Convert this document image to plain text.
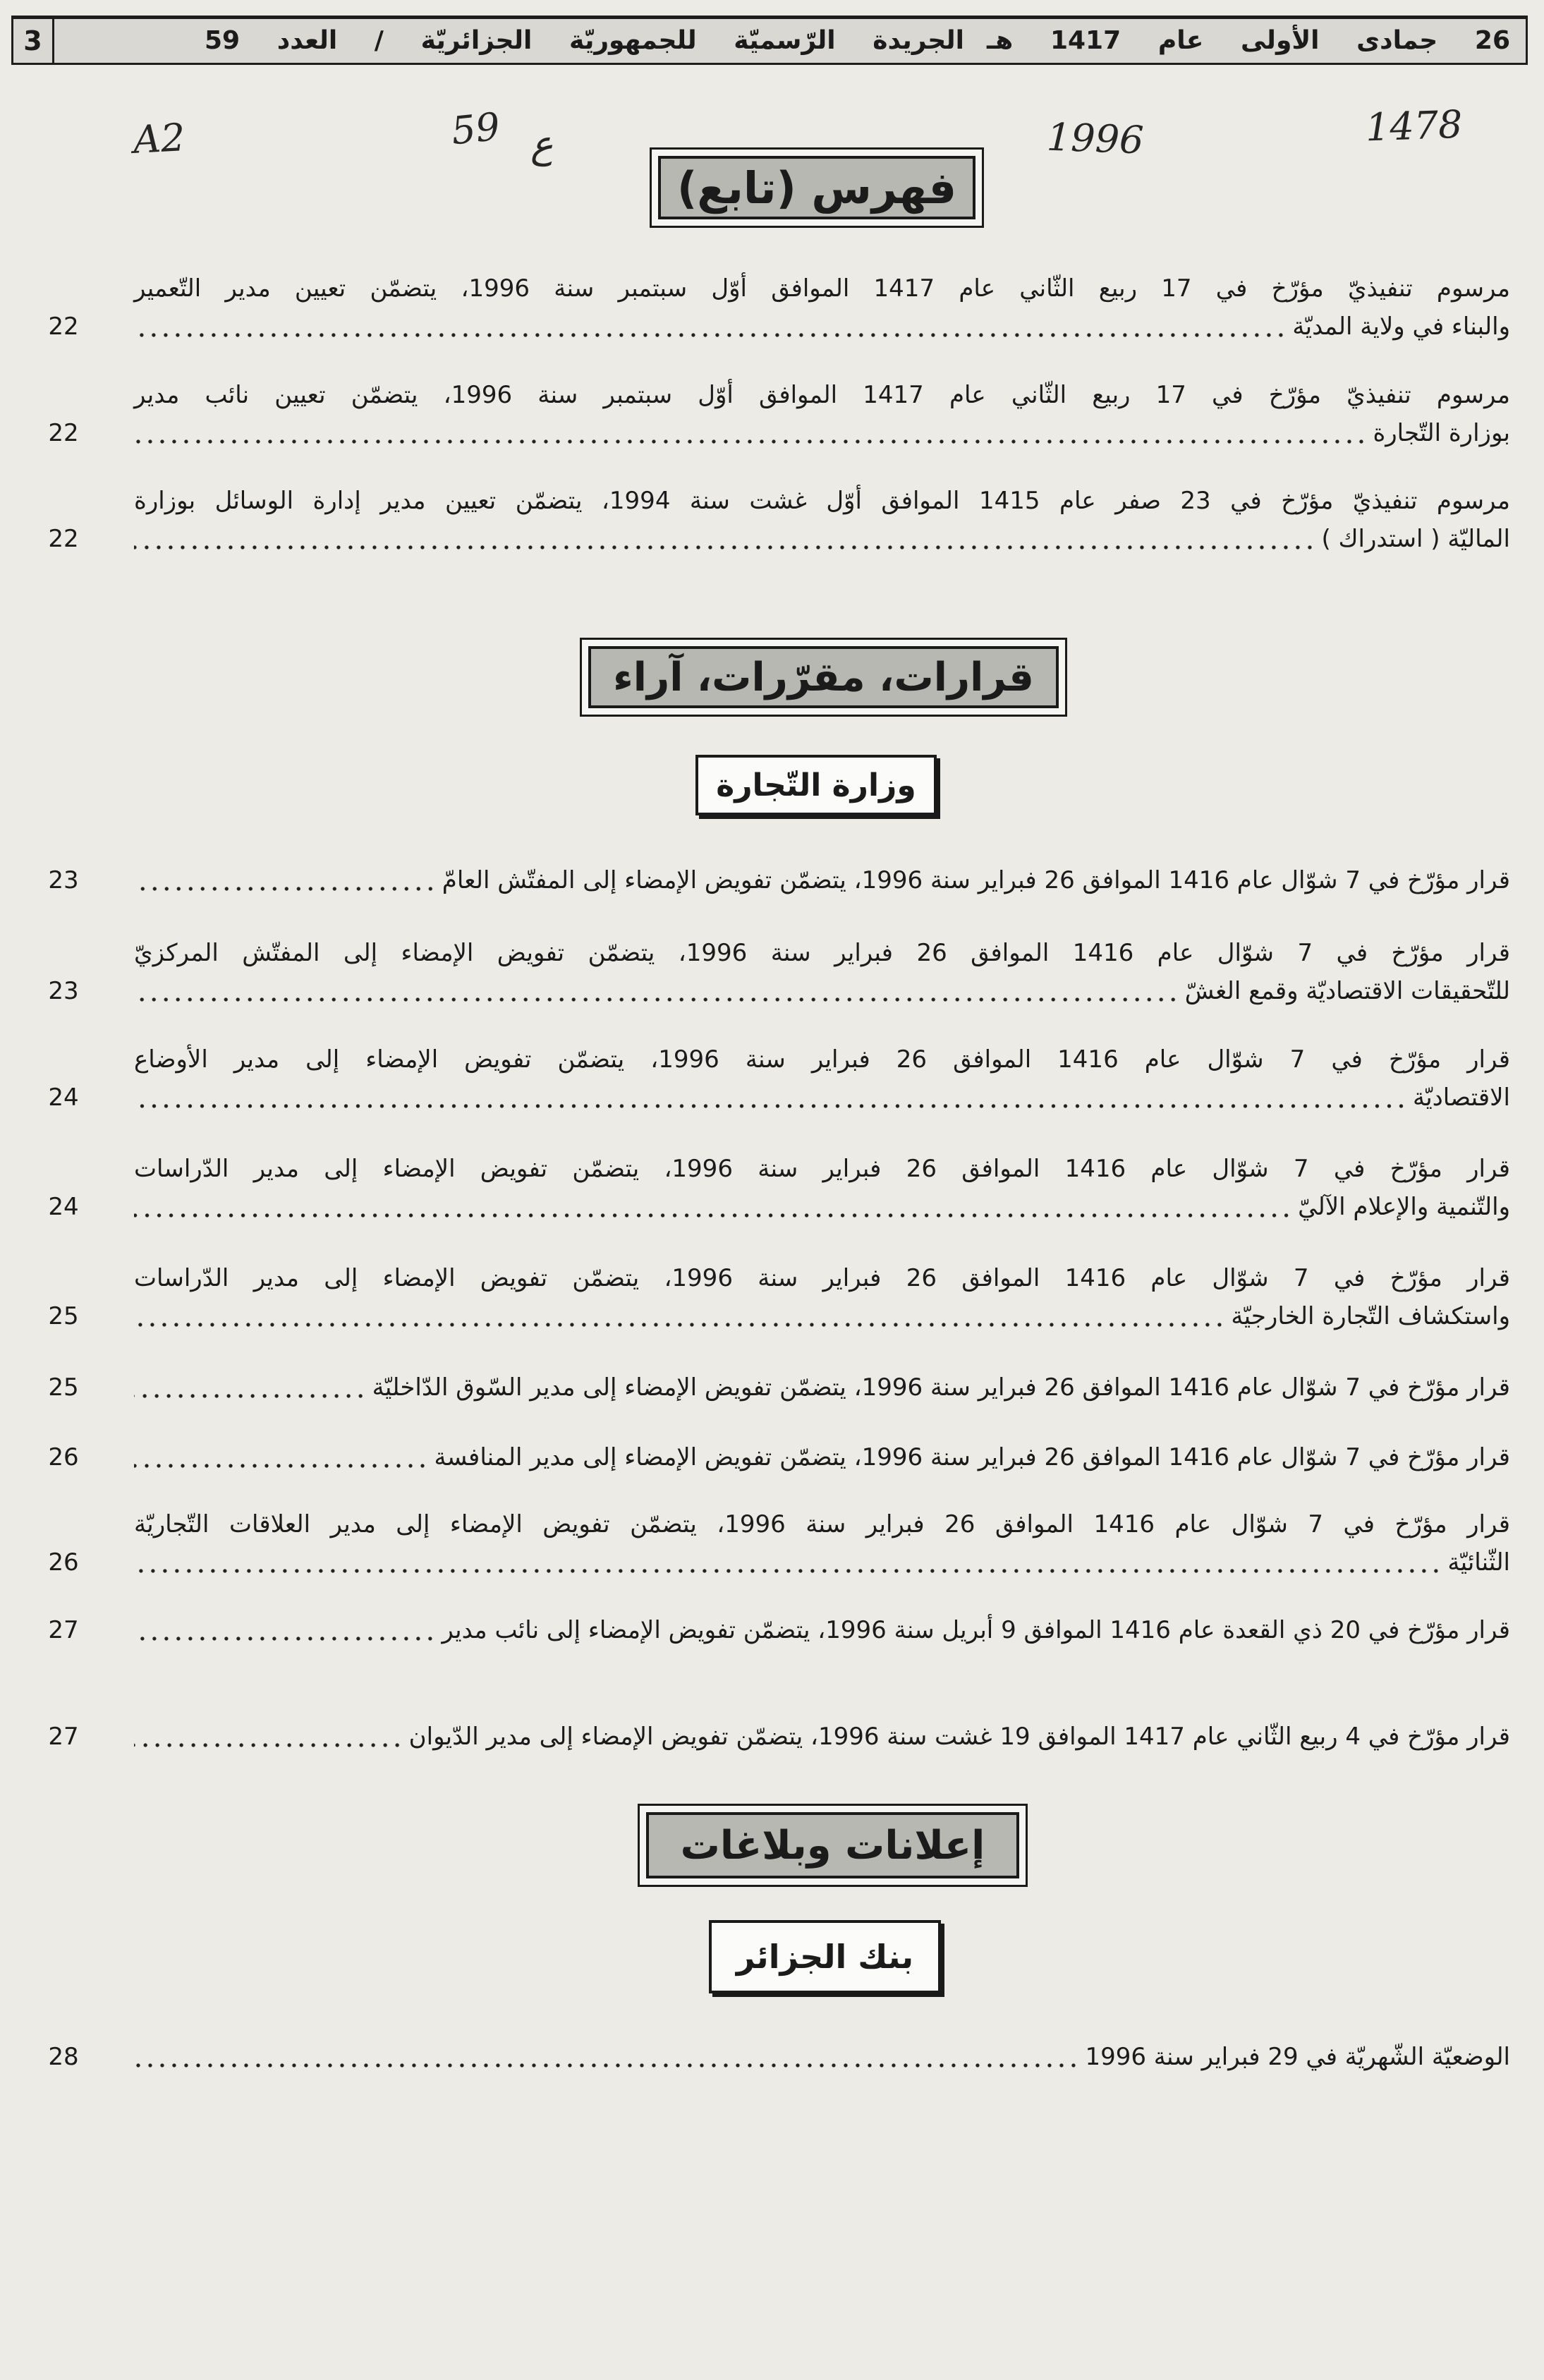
3	الجريدة الرّسميّة للجمهوريّة الجزائريّة / العدد 59 26 جمادى الأولى عام 1417 هـ
A2	59 ع	1996	1478
فهرس (تابع)
22
مرسوم تنفيذيّ مؤرّخ في 17 ربيع الثّاني عام 1417 الموافق أوّل سبتمبر سنة 1996، يتضمّن تعيين مدير التّعمير
والبناء في ولاية المديّة
22
مرسوم تنفيذيّ مؤرّخ في 17 ربيع الثّاني عام 1417 الموافق أوّل سبتمبر سنة 1996، يتضمّن تعيين نائب مدير
بوزارة التّجارة
22
مرسوم تنفيذيّ مؤرّخ في 23 صفر عام 1415 الموافق أوّل غشت سنة 1994، يتضمّن تعيين مدير إدارة الوسائل بوزارة
الماليّة ( استدراك )
قرارات، مقرّرات، آراء
وزارة التّجارة
23	قرار مؤرّخ في 7 شوّال عام 1416 الموافق 26 فبراير سنة 1996، يتضمّن تفويض الإمضاء إلى المفتّش العامّ
23
قرار مؤرّخ في 7 شوّال عام 1416 الموافق 26 فبراير سنة 1996، يتضمّن تفويض الإمضاء إلى المفتّش المركزيّ
للتّحقيقات الاقتصاديّة وقمع الغشّ
24
قرار مؤرّخ في 7 شوّال عام 1416 الموافق 26 فبراير سنة 1996، يتضمّن تفويض الإمضاء إلى مدير الأوضاع
الاقتصاديّة
24
قرار مؤرّخ في 7 شوّال عام 1416 الموافق 26 فبراير سنة 1996، يتضمّن تفويض الإمضاء إلى مدير الدّراسات
والتّنمية والإعلام الآليّ
25
قرار مؤرّخ في 7 شوّال عام 1416 الموافق 26 فبراير سنة 1996، يتضمّن تفويض الإمضاء إلى مدير الدّراسات
واستكشاف التّجارة الخارجيّة
25	قرار مؤرّخ في 7 شوّال عام 1416 الموافق 26 فبراير سنة 1996، يتضمّن تفويض الإمضاء إلى مدير السّوق الدّاخليّة
26	قرار مؤرّخ في 7 شوّال عام 1416 الموافق 26 فبراير سنة 1996، يتضمّن تفويض الإمضاء إلى مدير المنافسة
26
قرار مؤرّخ في 7 شوّال عام 1416 الموافق 26 فبراير سنة 1996، يتضمّن تفويض الإمضاء إلى مدير العلاقات التّجاريّة
الثّنائيّة
27	قرار مؤرّخ في 20 ذي القعدة عام 1416 الموافق 9 أبريل سنة 1996، يتضمّن تفويض الإمضاء إلى نائب مدير
27	قرار مؤرّخ في 4 ربيع الثّاني عام 1417 الموافق 19 غشت سنة 1996، يتضمّن تفويض الإمضاء إلى مدير الدّيوان
إعلانات وبلاغات
بنك الجزائر
28	الوضعيّة الشّهريّة في 29 فبراير سنة 1996
